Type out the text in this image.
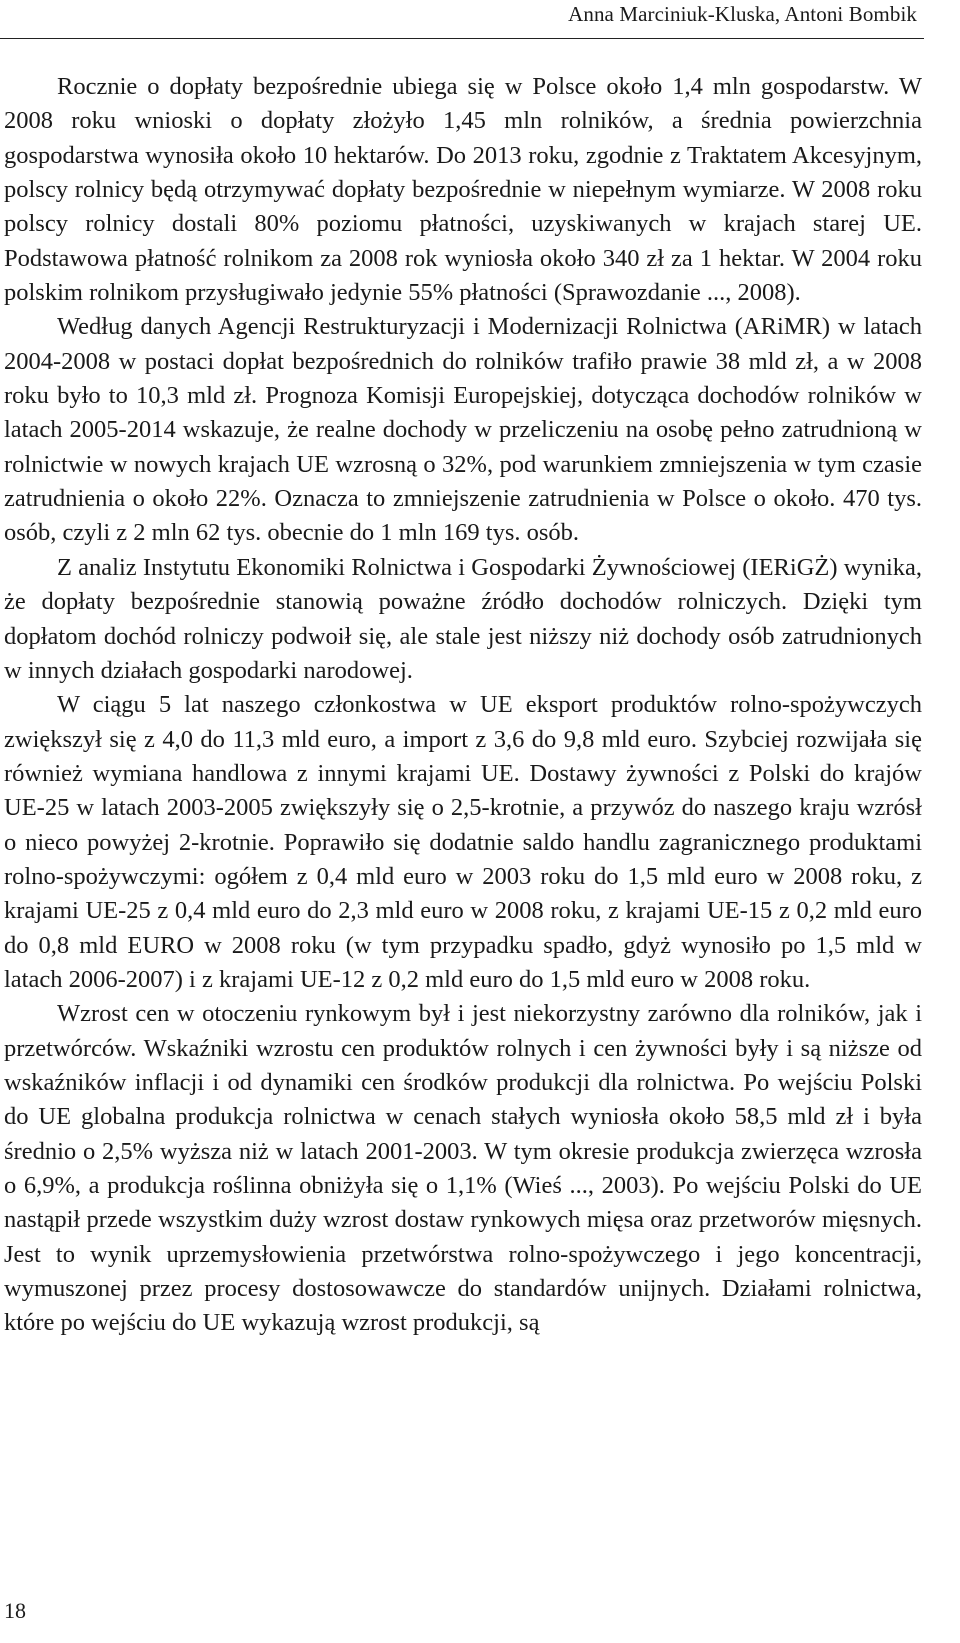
Anna Marciniuk-Kluska, Antoni Bombik

Rocznie o dopłaty bezpośrednie ubiega się w Polsce około 1,4 mln gospodarstw. W 2008 roku wnioski o dopłaty złożyło 1,45 mln rolników, a średnia powierzchnia gospodarstwa wynosiła około 10 hektarów. Do 2013 roku, zgodnie z Traktatem Akcesyjnym, polscy rolnicy będą otrzymywać dopłaty bezpośrednie w niepełnym wymiarze. W 2008 roku polscy rolnicy dostali 80% poziomu płatności, uzyskiwanych w krajach starej UE. Podstawowa płatność rolnikom za 2008 rok wyniosła około 340 zł za 1 hektar. W 2004 roku polskim rolnikom przysługiwało jedynie 55% płatności (Sprawozdanie ..., 2008).

Według danych Agencji Restrukturyzacji i Modernizacji Rolnictwa (ARiMR) w latach 2004-2008 w postaci dopłat bezpośrednich do rolników trafiło prawie 38 mld zł, a w 2008 roku było to 10,3 mld zł. Prognoza Komisji Europejskiej, dotycząca dochodów rolników w latach 2005-2014 wskazuje, że realne dochody w przeliczeniu na osobę pełno zatrudnioną w rolnictwie w nowych krajach UE wzrosną o 32%, pod warunkiem zmniejszenia w tym czasie zatrudnienia o około 22%. Oznacza to zmniejszenie zatrudnienia w Polsce o około. 470 tys. osób, czyli z 2 mln 62 tys. obecnie do 1 mln 169 tys. osób.

Z analiz Instytutu Ekonomiki Rolnictwa i Gospodarki Żywnościowej (IERiGŻ) wynika, że dopłaty bezpośrednie stanowią poważne źródło dochodów rolniczych. Dzięki tym dopłatom dochód rolniczy podwoił się, ale stale jest niższy niż dochody osób zatrudnionych w innych działach gospodarki narodowej.

W ciągu 5 lat naszego członkostwa w UE eksport produktów rolno-spożywczych zwiększył się z 4,0 do 11,3 mld euro, a import z 3,6 do 9,8 mld euro. Szybciej rozwijała się również wymiana handlowa z innymi krajami UE. Dostawy żywności z Polski do krajów UE-25 w latach 2003-2005 zwiększyły się o 2,5-krotnie, a przywóz do naszego kraju wzrósł o nieco powyżej 2-krotnie. Poprawiło się dodatnie saldo handlu zagranicznego produktami rolno-spożywczymi: ogółem z 0,4 mld euro w 2003 roku do 1,5 mld euro w 2008 roku, z krajami UE-25 z 0,4 mld euro do 2,3 mld euro w 2008 roku, z krajami UE-15 z 0,2 mld euro do 0,8 mld EURO w 2008 roku (w tym przypadku spadło, gdyż wynosiło po 1,5 mld w latach 2006-2007) i z krajami UE-12 z 0,2 mld euro do 1,5 mld euro w 2008 roku.

Wzrost cen w otoczeniu rynkowym był i jest niekorzystny zarówno dla rolników, jak i przetwórców. Wskaźniki wzrostu cen produktów rolnych i cen żywności były i są niższe od wskaźników inflacji i od dynamiki cen środków produkcji dla rolnictwa. Po wejściu Polski do UE globalna produkcja rolnictwa w cenach stałych wyniosła około 58,5 mld zł i była średnio o 2,5% wyższa niż w latach 2001-2003. W tym okresie produkcja zwierzęca wzrosła o 6,9%, a produkcja roślinna obniżyła się o 1,1% (Wieś ..., 2003). Po wejściu Polski do UE nastąpił przede wszystkim duży wzrost dostaw rynkowych mięsa oraz przetworów mięsnych. Jest to wynik uprzemysłowienia przetwórstwa rolno-spożywczego i jego koncentracji, wymuszonej przez procesy dostosowawcze do standardów unijnych. Działami rolnictwa, które po wejściu do UE wykazują wzrost produkcji, są

18
